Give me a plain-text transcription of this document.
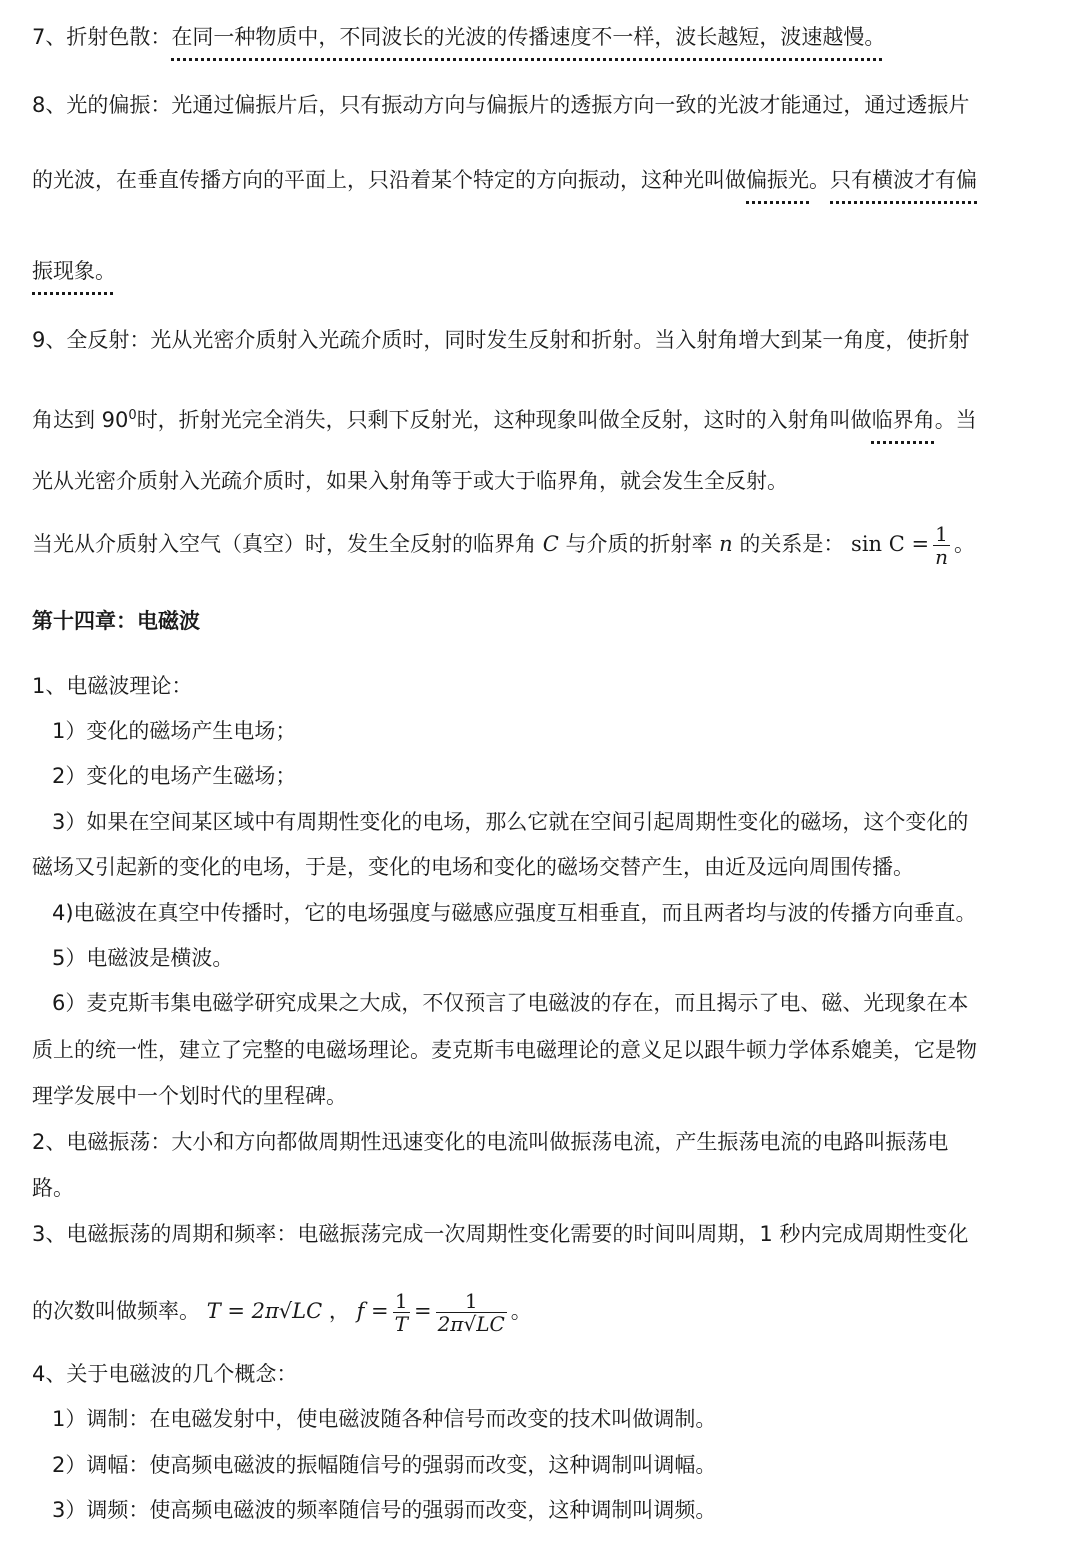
7、折射色散：在同一种物质中，不同波长的光波的传播速度不一样，波长越短，波速越慢。
8、光的偏振：光通过偏振片后，只有振动方向与偏振片的透振方向一致的光波才能通过，通过透振片
的光波，在垂直传播方向的平面上，只沿着某个特定的方向振动，这种光叫做偏振光。只有横波才有偏
振现象。
9、全反射：光从光密介质射入光疏介质时，同时发生反射和折射。当入射角增大到某一角度，使折射
角达到 $90^0$时，折射光完全消失，只剩下反射光，这种现象叫做全反射，这时的入射角叫做临界角。当
光从光密介质射入光疏介质时，如果入射角等于或大于临界角，就会发生全反射。
当光从介质射入空气（真空）时，发生全反射的临界角 C 与介质的折射率 n 的关系是： $\sin C = \frac{1}{n}$ 。
第十四章：电磁波
1、电磁波理论：
1）变化的磁场产生电场；
2）变化的电场产生磁场；
3）如果在空间某区域中有周期性变化的电场，那么它就在空间引起周期性变化的磁场，这个变化的
磁场又引起新的变化的电场，于是，变化的电场和变化的磁场交替产生，由近及远向周围传播。
4)电磁波在真空中传播时，它的电场强度与磁感应强度互相垂直，而且两者均与波的传播方向垂直。
5）电磁波是横波。
6）麦克斯韦集电磁学研究成果之大成，不仅预言了电磁波的存在，而且揭示了电、磁、光现象在本
质上的统一性，建立了完整的电磁场理论。麦克斯韦电磁理论的意义足以跟牛顿力学体系媲美，它是物
理学发展中一个划时代的里程碑。
2、电磁振荡：大小和方向都做周期性迅速变化的电流叫做振荡电流，产生振荡电流的电路叫振荡电
路。
3、电磁振荡的周期和频率：电磁振荡完成一次周期性变化需要的时间叫周期，1 秒内完成周期性变化
的次数叫做频率。 T = 2π√LC ， $f = \frac{1}{T} = \frac{1}{2\pi√LC}$ 。
4、关于电磁波的几个概念：
1）调制：在电磁发射中，使电磁波随各种信号而改变的技术叫做调制。
2）调幅：使高频电磁波的振幅随信号的强弱而改变，这种调制叫调幅。
3）调频：使高频电磁波的频率随信号的强弱而改变，这种调制叫调频。
